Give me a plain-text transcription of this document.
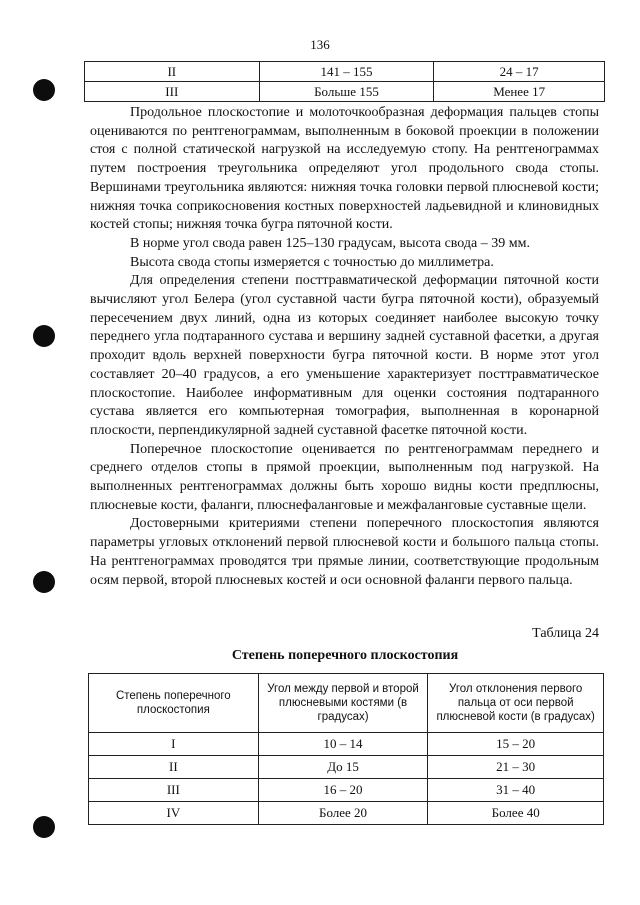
136
II	141 – 155	24 – 17
III	Больше 155	Менее 17

Продольное плоскостопие и молоточкообразная деформация пальцев стопы оцениваются по рентгенограммам, выполненным в боковой проекции в положении стоя с полной статической нагрузкой на исследуемую стопу. На рентгенограммах путем построения треугольника определяют угол продольного свода стопы. Вершинами треугольника являются: нижняя точка головки первой плюсневой кости; нижняя точка соприкосновения костных поверхностей ладьевидной и клиновидных костей стопы; нижняя точка бугра пяточной кости.

В норме угол свода равен 125–130 градусам, высота свода – 39 мм.

Высота свода стопы измеряется с точностью до миллиметра.

Для определения степени посттравматической деформации пяточной кости вычисляют угол Белера (угол суставной части бугра пяточной кости), образуемый пересечением двух линий, одна из которых соединяет наиболее высокую точку переднего угла подтаранного сустава и вершину задней суставной фасетки, а другая проходит вдоль верхней поверхности бугра пяточной кости. В норме этот угол составляет 20–40 градусов, а его уменьшение характеризует посттравматическое плоскостопие. Наиболее информативным для оценки состояния подтаранного сустава является его компьютерная томография, выполненная в коронарной плоскости, перпендикулярной задней суставной фасетке пяточной кости.

Поперечное плоскостопие оценивается по рентгенограммам переднего и среднего отделов стопы в прямой проекции, выполненным под нагрузкой. На выполненных рентгенограммах должны быть хорошо видны кости предплюсны, плюсневые кости, фаланги, плюснефаланговые и межфаланговые суставные щели.

Достоверными критериями степени поперечного плоскостопия являются параметры угловых отклонений первой плюсневой кости и большого пальца стопы. На рентгенограммах проводятся три прямые линии, соответствующие продольным осям первой, второй плюсневых костей и оси основной фаланги первого пальца.

Таблица 24
Степень поперечного плоскостопия
Степень поперечного плоскостопия	Угол между первой и второй плюсневыми костями (в градусах)	Угол отклонения первого пальца от оси первой плюсневой кости (в градусах)
I	10 – 14	15 – 20
II	До 15	21 – 30
III	16 – 20	31 – 40
IV	Более 20	Более 40
